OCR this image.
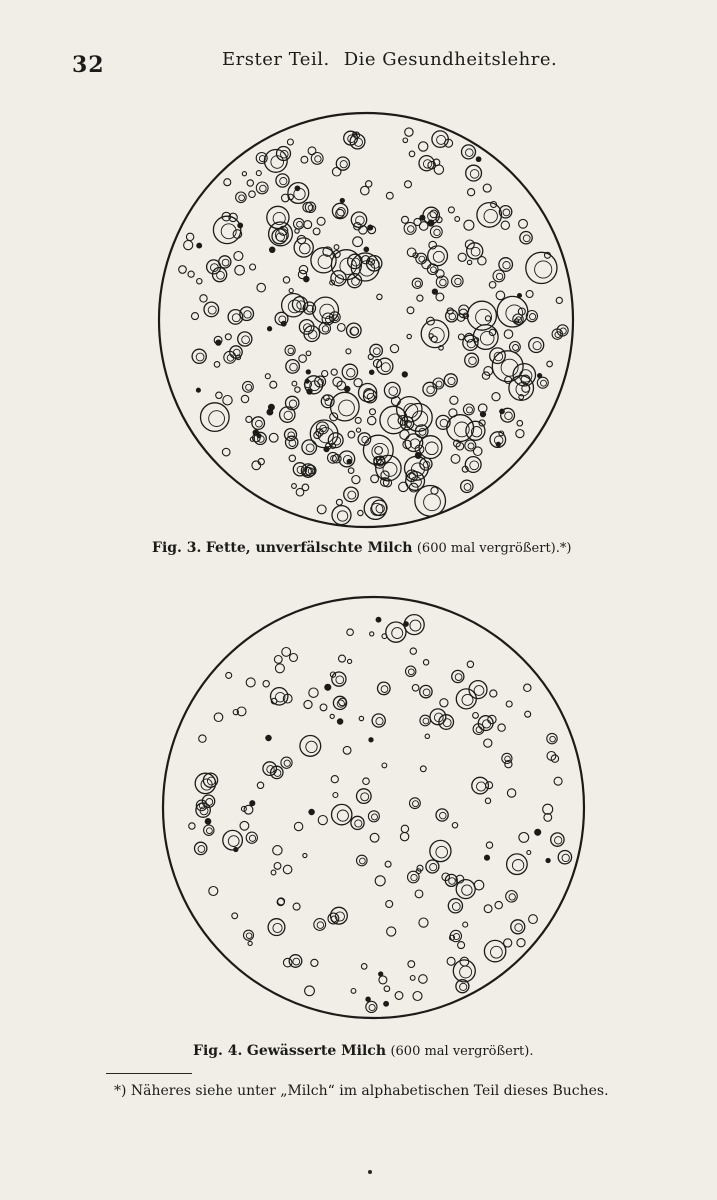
32	Erster Teil. Die Gesundheitslehre.
Fig. 3. Fette, unverfälschte Milch (600 mal vergrößert).*)
Fig. 4. Gewässerte Milch (600 mal vergrößert).
*) Näheres siehe unter „Milch“ im alphabetischen Teil dieses Buches.
